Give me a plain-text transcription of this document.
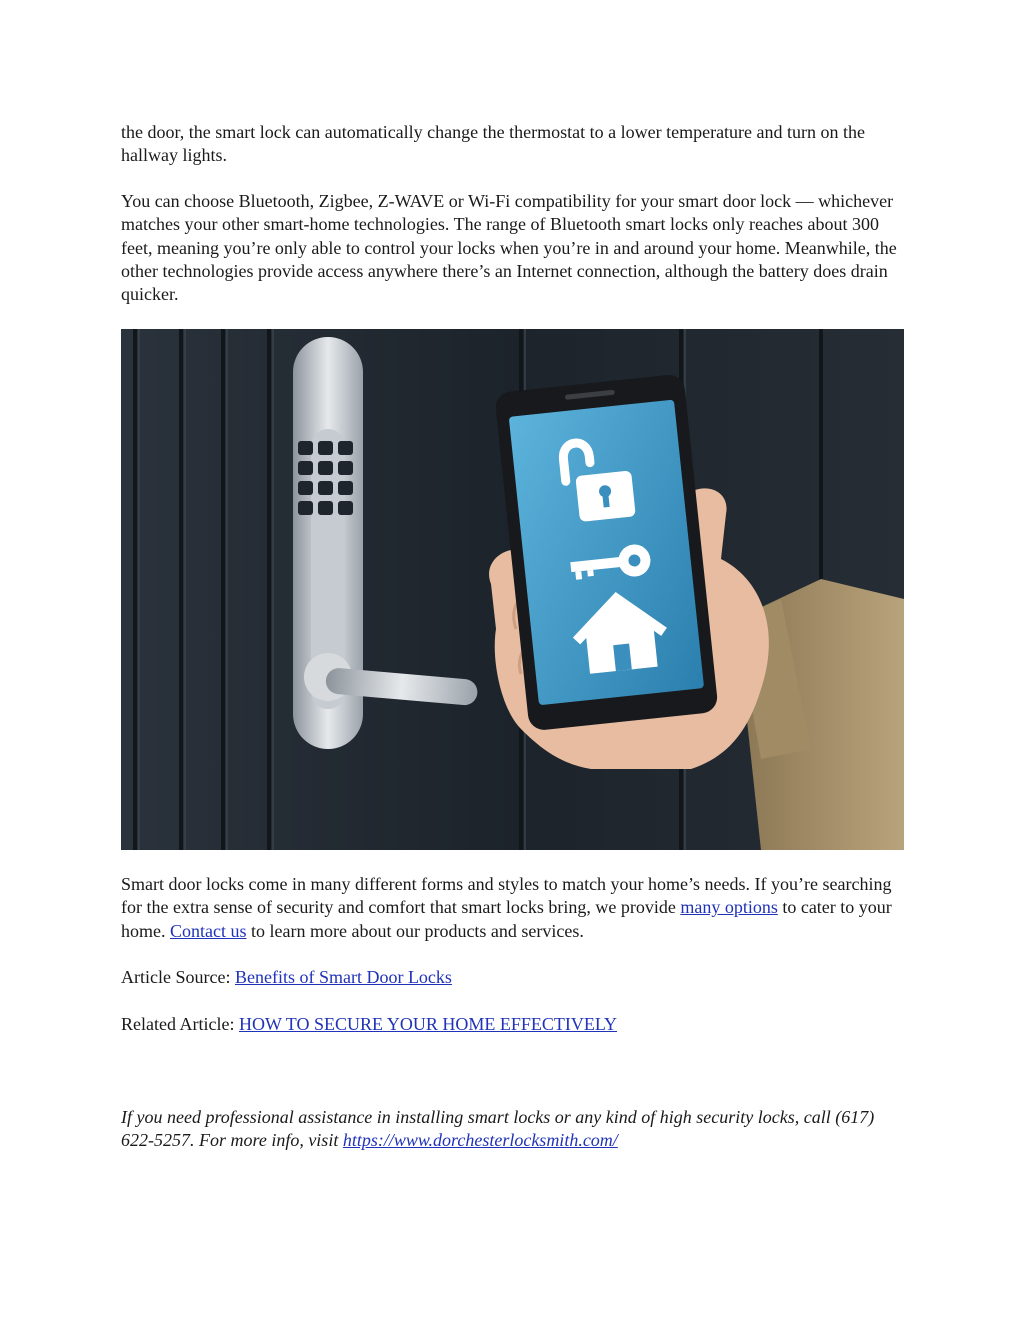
the door, the smart lock can automatically change the thermostat to a lower temperature and turn on the hallway lights.

You can choose Bluetooth, Zigbee, Z-WAVE or Wi-Fi compatibility for your smart door lock — whichever matches your other smart-home technologies. The range of Bluetooth smart locks only reaches about 300 feet, meaning you’re only able to control your locks when you’re in and around your home. Meanwhile, the other technologies provide access anywhere there’s an Internet connection, although the battery does drain quicker.

Smart door locks come in many different forms and styles to match your home’s needs. If you’re searching for the extra sense of security and comfort that smart locks bring, we provide many options to cater to your home. Contact us to learn more about our products and services.

Article Source: Benefits of Smart Door Locks

Related Article: HOW TO SECURE YOUR HOME EFFECTIVELY

If you need professional assistance in installing smart locks or any kind of high security locks, call (617) 622-5257. For more info, visit https://www.dorchesterlocksmith.com/
